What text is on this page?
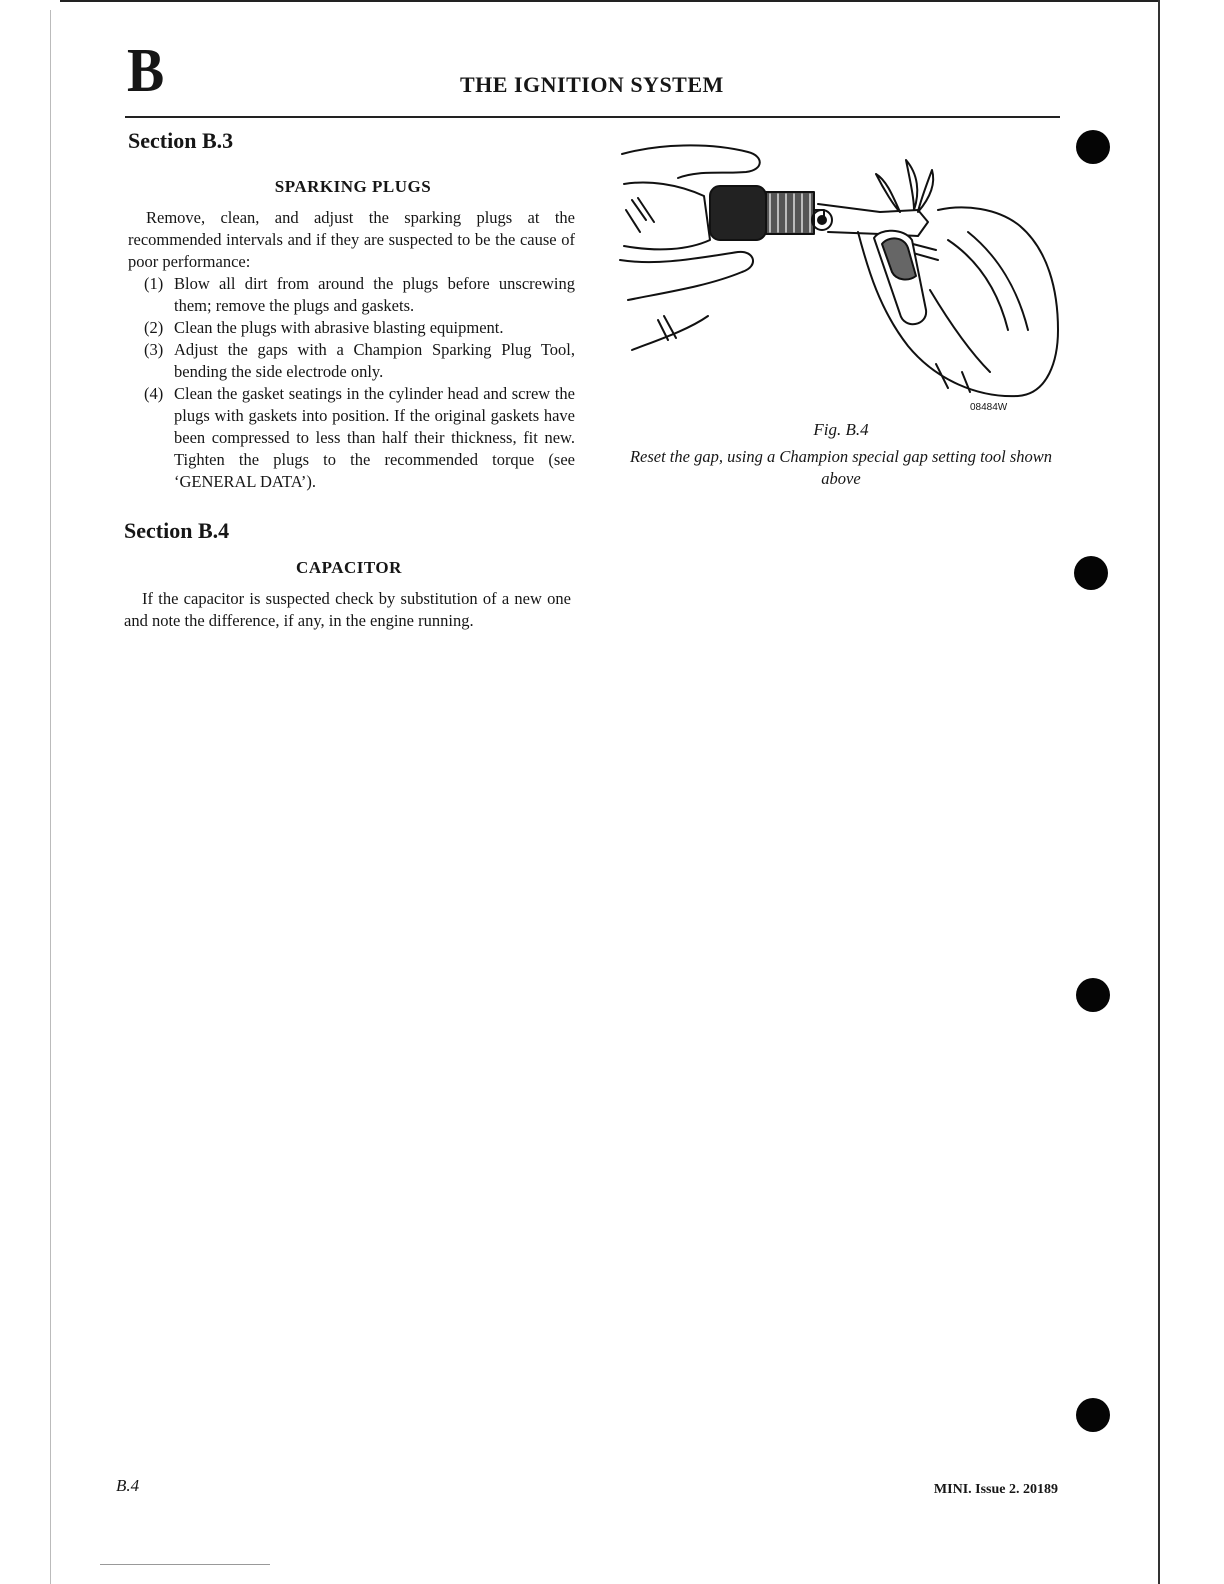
B	THE IGNITION SYSTEM
Section B.3
SPARKING PLUGS
Remove, clean, and adjust the sparking plugs at the recommended intervals and if they are suspected to be the cause of poor performance:
(1) Blow all dirt from around the plugs before unscrewing them; remove the plugs and gaskets.
(2) Clean the plugs with abrasive blasting equipment.
(3) Adjust the gaps with a Champion Sparking Plug Tool, bending the side electrode only.
(4) Clean the gasket seatings in the cylinder head and screw the plugs with gaskets into position. If the original gaskets have been compressed to less than half their thickness, fit new. Tighten the plugs to the recommended torque (see ‘GENERAL DATA’).
Section B.4
CAPACITOR
If the capacitor is suspected check by substitution of a new one and note the difference, if any, in the engine running.
08484W
Fig. B.4
Reset the gap, using a Champion special gap setting tool shown above
B.4	MINI. Issue 2. 20189
